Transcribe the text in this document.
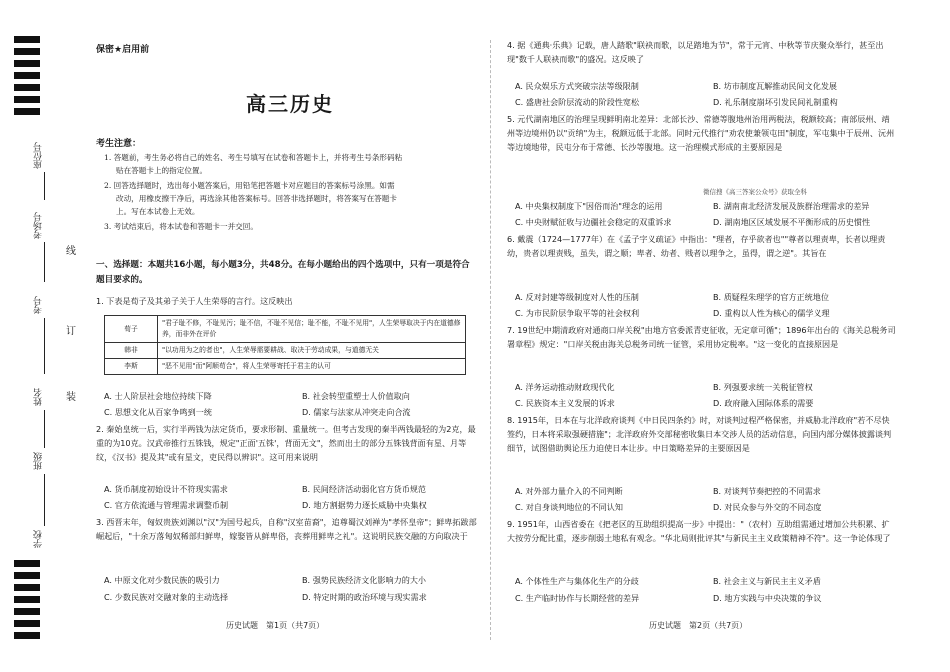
座位号
考场号
考号
姓名
班级
学校
线
订
装

保密★启用前

高三历史

考生注意：

1. 答题前，考生务必将自己的姓名、考生号填写在试卷和答题卡上，并将考生号条形码粘

贴在答题卡上的指定位置。

2. 回答选择题时，选出每小题答案后，用铅笔把答题卡对应题目的答案标号涂黑。如需

改动，用橡皮擦干净后，再选涂其他答案标号。回答非选择题时，将答案写在答题卡

上。写在本试卷上无效。

3. 考试结束后，将本试卷和答题卡一并交回。

一、选择题：本题共16小题，每小题3分，共48分。在每小题给出的四个选项中，只有一项是符合题目要求的。

1. 下表是荀子及其弟子关于人生荣辱的言行。这反映出

荀子	"君子耻不修，不耻见污；耻不信，不耻不见信；耻不能，不耻不见用"，人生荣辱取决于内在道德修养，而非外在评价
韩非	"以功用为之的者也"，人生荣辱需要耕战、取决于劳动成果，与道德无关
李斯	"恶不见用"而"阿顺苟合"，将人生荣辱寄托于君主的认可

A. 士人阶层社会地位持续下降	B. 社会转型重塑士人价值取向

C. 思想文化从百家争鸣到一统	D. 儒家与法家从冲突走向合流

2. 秦始皇统一后，实行半两钱为法定货币，要求形制、重量统一。但考古发现的秦半两钱最轻的为2克，最重的为10克。汉武帝推行五铢钱，规定"正面'五铢'，背面无文"，然而出土的部分五铢钱背面有星、月等纹，《汉书》提及其"或有星文，吏民得以辨识"。这可用来说明

A. 货币制度初始设计不符现实需求	B. 民间经济活动弱化官方货币规范

C. 官方依流通与管理需求调整币制	D. 地方割据势力逐长威胁中央集权

3. 西晋末年，匈奴贵族刘渊以"汉"为国号起兵，自称"汉室苗裔"，追尊蜀汉刘禅为"孝怀皇帝"；鲜卑拓跋部崛起后，"十余万落匈奴稀部归鲜卑，嫁娶皆从鲜卑俗，丧葬用鲜卑之礼"。这说明民族交融的方向取决于

A. 中原文化对少数民族的吸引力	B. 强势民族经济文化影响力的大小

C. 少数民族对交融对象的主动选择	D. 特定时期的政治环境与现实需求

历史试题　第1页（共7页）

4. 据《通典·乐典》记载，唐人踏歌"联袂而歌，以足踏地为节"，常于元宵、中秋等节庆聚众举行，甚至出现"数千人联袂而歌"的盛况。这反映了

A. 民众娱乐方式突破宗法等级限制	B. 坊市制度瓦解推动民间文化发展

C. 盛唐社会阶层流动的阶段性宽松	D. 礼乐制度崩坏引发民间礼制重构

5. 元代湖南地区的治理呈现鲜明南北差异：北部长沙、常德等腹地州治用两税法，税额较高；南部辰州、靖州等边境州仍以"贡纳"为主，税额远低于北部。同时元代推行"劝农使兼领屯田"制度，军屯集中于辰州、沅州等边境地带，民屯分布于常德、长沙等腹地。这一治理模式形成的主要原因是

微信搜《高三答案公众号》获取全科

A. 中央集权制度下"因俗而治"理念的运用	B. 湖南南北经济发展及族群治理需求的差异

C. 中央财赋征收与边疆社会稳定的双重诉求	D. 湖南地区区域发展不平衡形成的历史惯性

6. 戴震（1724—1777年）在《孟子字义疏证》中指出："理者，存乎欲者也""尊者以理责卑，长者以理责幼，贵者以理责贱，虽失，谓之顺；卑者、幼者、贱者以理争之，虽得，谓之逆"。其旨在

A. 反对封建等级制度对人性的压制	B. 质疑程朱理学的官方正统地位

C. 为市民阶层争取平等的社会权利	D. 重构以人性为核心的儒学义理

7. 19世纪中期清政府对通商口岸关税"由地方官委派青吏征收，无定章可循"；1896年出台的《海关总税务司署章程》规定："口岸关税由海关总税务司统一征管，采用协定税率。"这一变化的直接原因是

A. 洋务运动推动财政现代化	B. 列强要求统一关税征管权

C. 民族资本主义发展的诉求	D. 政府融入国际体系的需要

8. 1915年，日本在与北洋政府谈判《中日民四条约》时，对谈判过程严格保密，并威胁北洋政府"若不尽快签约，日本将采取强硬措施"；北洋政府外交部秘密收集日本交涉人员的活动信息，向国内部分媒体披露谈判细节，试图借助舆论压力迫使日本让步。中日策略差异的主要原因是

A. 对外部力量介入的不同判断	B. 对谈判节奏把控的不同需求

C. 对自身谈判地位的不同认知	D. 对民众参与外交的不同态度

9. 1951年，山西省委在《把老区的互助组织提高一步》中提出："（农村）互助组需通过增加公共积累、扩大按劳分配比重，逐步削弱土地私有观念。"华北局则批评其"与新民主主义政策精神不符"。这一争论体现了

A. 个体性生产与集体化生产的分歧	B. 社会主义与新民主主义矛盾

C. 生产临时协作与长期经营的差异	D. 地方实践与中央决策的争议

历史试题　第2页（共7页）
